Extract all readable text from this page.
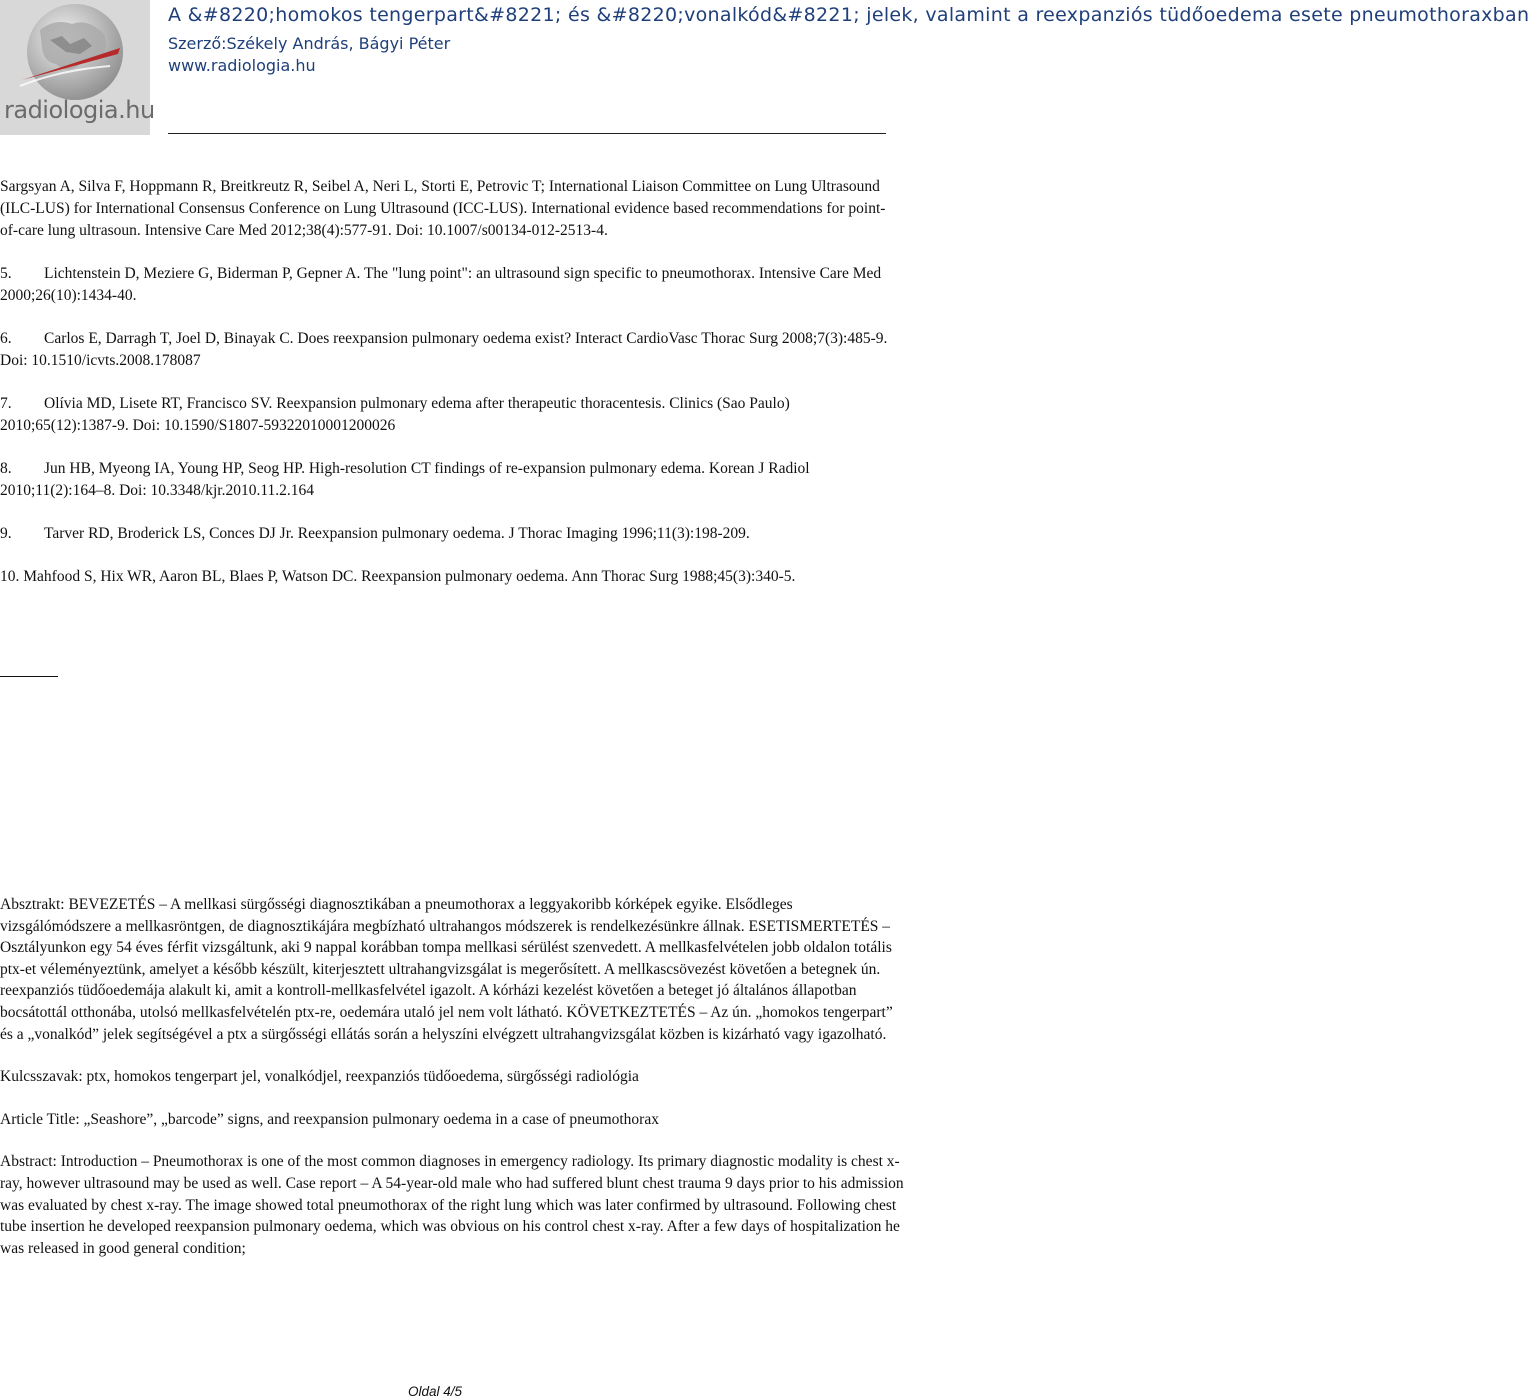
radiologia.hu
A &#8220;homokos tengerpart&#8221; és &#8220;vonalkód&#8221; jelek, valamint a reexpanziós tüdőoedema esete pneumothoraxban
Szerző:Székely András, Bágyi Péter
www.radiologia.hu
Sargsyan A, Silva F, Hoppmann R, Breitkreutz R, Seibel A, Neri L, Storti E, Petrovic T; International Liaison Committee on Lung Ultrasound (ILC-LUS) for International Consensus Conference on Lung Ultrasound (ICC-LUS). International evidence based recommendations for point-of-care lung ultrasoun. Intensive Care Med 2012;38(4):577-91. Doi: 10.1007/s00134-012-2513-4.
5. Lichtenstein D, Meziere G, Biderman P, Gepner A. The "lung point": an ultrasound sign specific to pneumothorax. Intensive Care Med 2000;26(10):1434-40.
6. Carlos E, Darragh T, Joel D, Binayak C. Does reexpansion pulmonary oedema exist? Interact CardioVasc Thorac Surg 2008;7(3):485-9. Doi: 10.1510/icvts.2008.178087
7. Olívia MD, Lisete RT, Francisco SV. Reexpansion pulmonary edema after therapeutic thoracentesis. Clinics (Sao Paulo) 2010;65(12):1387-9. Doi: 10.1590/S1807-59322010001200026
8. Jun HB, Myeong IA, Young HP, Seog HP. High-resolution CT findings of re-expansion pulmonary edema. Korean J Radiol 2010;11(2):164–8. Doi: 10.3348/kjr.2010.11.2.164
9. Tarver RD, Broderick LS, Conces DJ Jr. Reexpansion pulmonary oedema. J Thorac Imaging 1996;11(3):198-209.
10. Mahfood S, Hix WR, Aaron BL, Blaes P, Watson DC. Reexpansion pulmonary oedema. Ann Thorac Surg 1988;45(3):340-5.

Absztrakt: BEVEZETÉS – A mellkasi sürgősségi diagnosztikában a pneumothorax a leggyakoribb kórképek egyike. Elsődleges vizsgálómódszere a mellkasröntgen, de diagnosztikájára megbízható ultrahangos módszerek is rendelkezésünkre állnak. ESETISMERTETÉS – Osztályunkon egy 54 éves férfit vizsgáltunk, aki 9 nappal korábban tompa mellkasi sérülést szenvedett. A mellkasfelvételen jobb oldalon totális ptx-et véleményeztünk, amelyet a később készült, kiterjesztett ultrahangvizsgálat is megerősített. A mellkascsövezést követően a betegnek ún. reexpanziós tüdőoedemája alakult ki, amit a kontroll-mellkasfelvétel igazolt. A kórházi kezelést követően a beteget jó általános állapotban bocsátottál otthonába, utolsó mellkasfelvételén ptx-re, oedemára utaló jel nem volt látható. KÖVETKEZTETÉS – Az ún. „homokos tengerpart” és a „vonalkód” jelek segítségével a ptx a sürgősségi ellátás során a helyszíni elvégzett ultrahangvizsgálat közben is kizárható vagy igazolható.

Kulcsszavak: ptx, homokos tengerpart jel, vonalkódjel, reexpanziós tüdőoedema, sürgősségi radiológia

Article Title: „Seashore”, „barcode” signs, and reexpansion pulmonary oedema in a case of pneumothorax

Abstract: Introduction – Pneumothorax is one of the most common diagnoses in emergency radiology. Its primary diagnostic modality is chest x-ray, however ultrasound may be used as well. Case report – A 54-year-old male who had suffered blunt chest trauma 9 days prior to his admission was evaluated by chest x-ray. The image showed total pneumothorax of the right lung which was later confirmed by ultrasound. Following chest tube insertion he developed reexpansion pulmonary oedema, which was obvious on his control chest x-ray. After a few days of hospitalization he was released in good general condition;

Oldal 4/5
